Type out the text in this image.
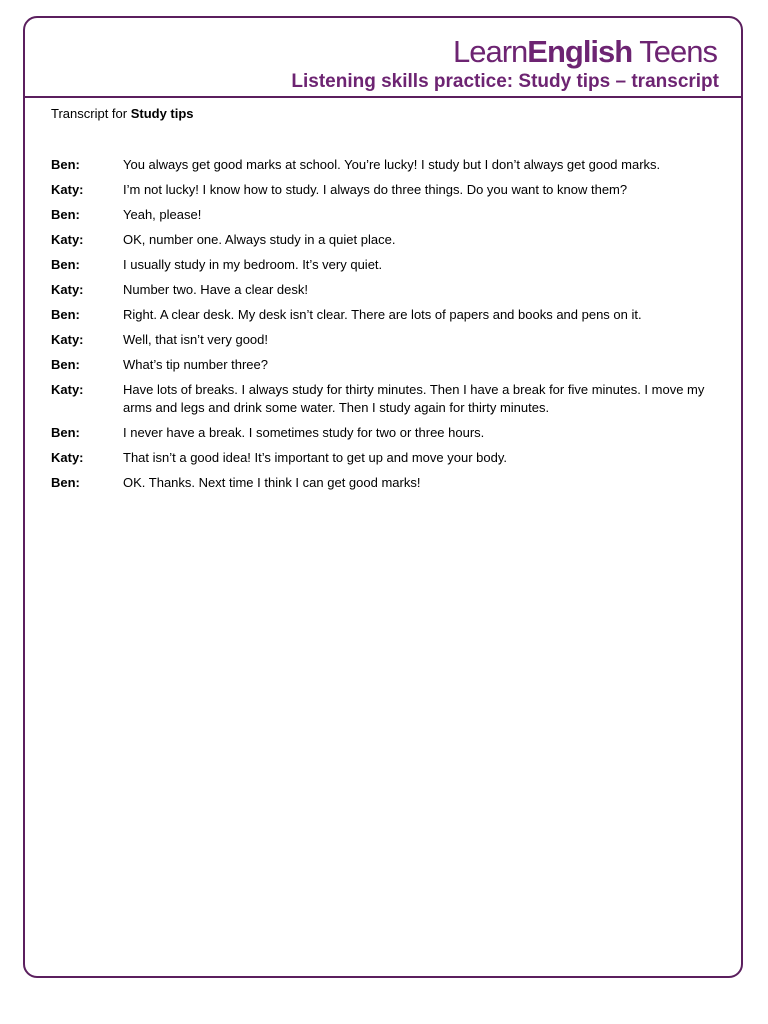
LearnEnglish Teens
Listening skills practice: Study tips – transcript
Transcript for Study tips
Ben:	You always get good marks at school. You’re lucky! I study but I don’t always get good marks.
Katy:	I’m not lucky! I know how to study. I always do three things. Do you want to know them?
Ben:	Yeah, please!
Katy:	OK, number one. Always study in a quiet place.
Ben:	I usually study in my bedroom. It’s very quiet.
Katy:	Number two. Have a clear desk!
Ben:	Right. A clear desk. My desk isn’t clear. There are lots of papers and books and pens on it.
Katy:	Well, that isn’t very good!
Ben:	What’s tip number three?
Katy:	Have lots of breaks. I always study for thirty minutes. Then I have a break for five minutes. I move my arms and legs and drink some water. Then I study again for thirty minutes.
Ben:	I never have a break. I sometimes study for two or three hours.
Katy:	That isn’t a good idea! It’s important to get up and move your body.
Ben:	OK. Thanks. Next time I think I can get good marks!
